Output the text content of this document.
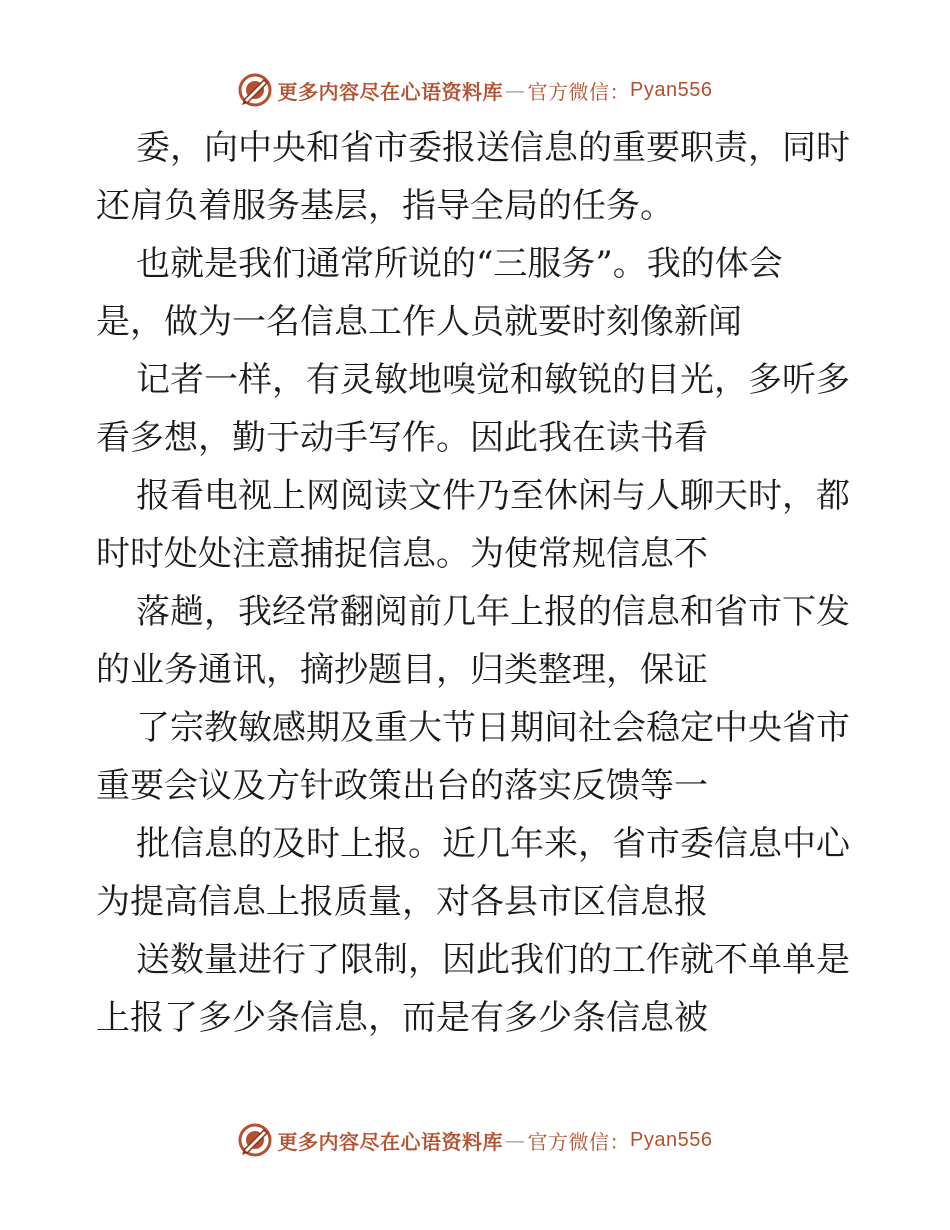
更多内容尽在心语资料库 — 官方微信： Pyan556
委，向中央和省市委报送信息的重要职责，同时
还肩负着服务基层，指导全局的任务。
也就是我们通常所说的“三服务”。我的体会
是，做为一名信息工作人员就要时刻像新闻
记者一样，有灵敏地嗅觉和敏锐的目光，多听多
看多想，勤于动手写作。因此我在读书看
报看电视上网阅读文件乃至休闲与人聊天时，都
时时处处注意捕捉信息。为使常规信息不
落趟，我经常翻阅前几年上报的信息和省市下发
的业务通讯，摘抄题目，归类整理，保证
了宗教敏感期及重大节日期间社会稳定中央省市
重要会议及方针政策出台的落实反馈等一
批信息的及时上报。近几年来，省市委信息中心
为提高信息上报质量，对各县市区信息报
送数量进行了限制，因此我们的工作就不单单是
上报了多少条信息，而是有多少条信息被
更多内容尽在心语资料库 — 官方微信： Pyan556
